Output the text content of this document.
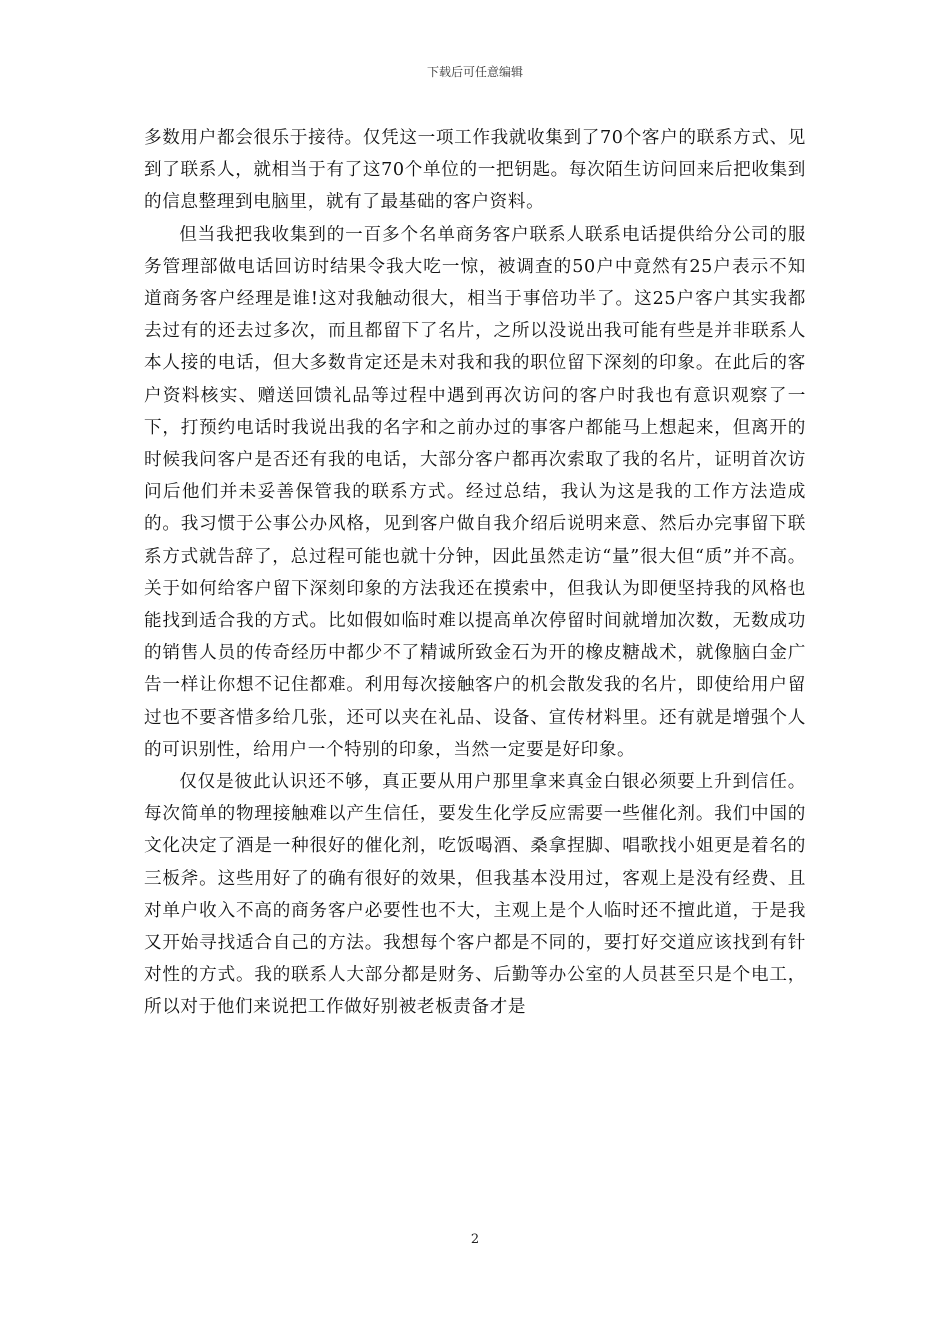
下载后可任意编辑

多数用户都会很乐于接待。仅凭这一项工作我就收集到了70个客户的联系方式、见到了联系人，就相当于有了这70个单位的一把钥匙。每次陌生访问回来后把收集到的信息整理到电脑里，就有了最基础的客户资料。

但当我把我收集到的一百多个名单商务客户联系人联系电话提供给分公司的服务管理部做电话回访时结果令我大吃一惊，被调查的50户中竟然有25户表示不知道商务客户经理是谁!这对我触动很大，相当于事倍功半了。这25户客户其实我都去过有的还去过多次，而且都留下了名片，之所以没说出我可能有些是并非联系人本人接的电话，但大多数肯定还是未对我和我的职位留下深刻的印象。在此后的客户资料核实、赠送回馈礼品等过程中遇到再次访问的客户时我也有意识观察了一下，打预约电话时我说出我的名字和之前办过的事客户都能马上想起来，但离开的时候我问客户是否还有我的电话，大部分客户都再次索取了我的名片，证明首次访问后他们并未妥善保管我的联系方式。经过总结，我认为这是我的工作方法造成的。我习惯于公事公办风格，见到客户做自我介绍后说明来意、然后办完事留下联系方式就告辞了，总过程可能也就十分钟，因此虽然走访“量”很大但“质”并不高。关于如何给客户留下深刻印象的方法我还在摸索中，但我认为即便坚持我的风格也能找到适合我的方式。比如假如临时难以提高单次停留时间就增加次数，无数成功的销售人员的传奇经历中都少不了精诚所致金石为开的橡皮糖战术，就像脑白金广告一样让你想不记住都难。利用每次接触客户的机会散发我的名片，即使给用户留过也不要吝惜多给几张，还可以夹在礼品、设备、宣传材料里。还有就是增强个人的可识别性，给用户一个特别的印象，当然一定要是好印象。

仅仅是彼此认识还不够，真正要从用户那里拿来真金白银必须要上升到信任。每次简单的物理接触难以产生信任，要发生化学反应需要一些催化剂。我们中国的文化决定了酒是一种很好的催化剂，吃饭喝酒、桑拿捏脚、唱歌找小姐更是着名的三板斧。这些用好了的确有很好的效果，但我基本没用过，客观上是没有经费、且对单户收入不高的商务客户必要性也不大，主观上是个人临时还不擅此道，于是我又开始寻找适合自己的方法。我想每个客户都是不同的，要打好交道应该找到有针对性的方式。我的联系人大部分都是财务、后勤等办公室的人员甚至只是个电工，所以对于他们来说把工作做好别被老板责备才是

2
